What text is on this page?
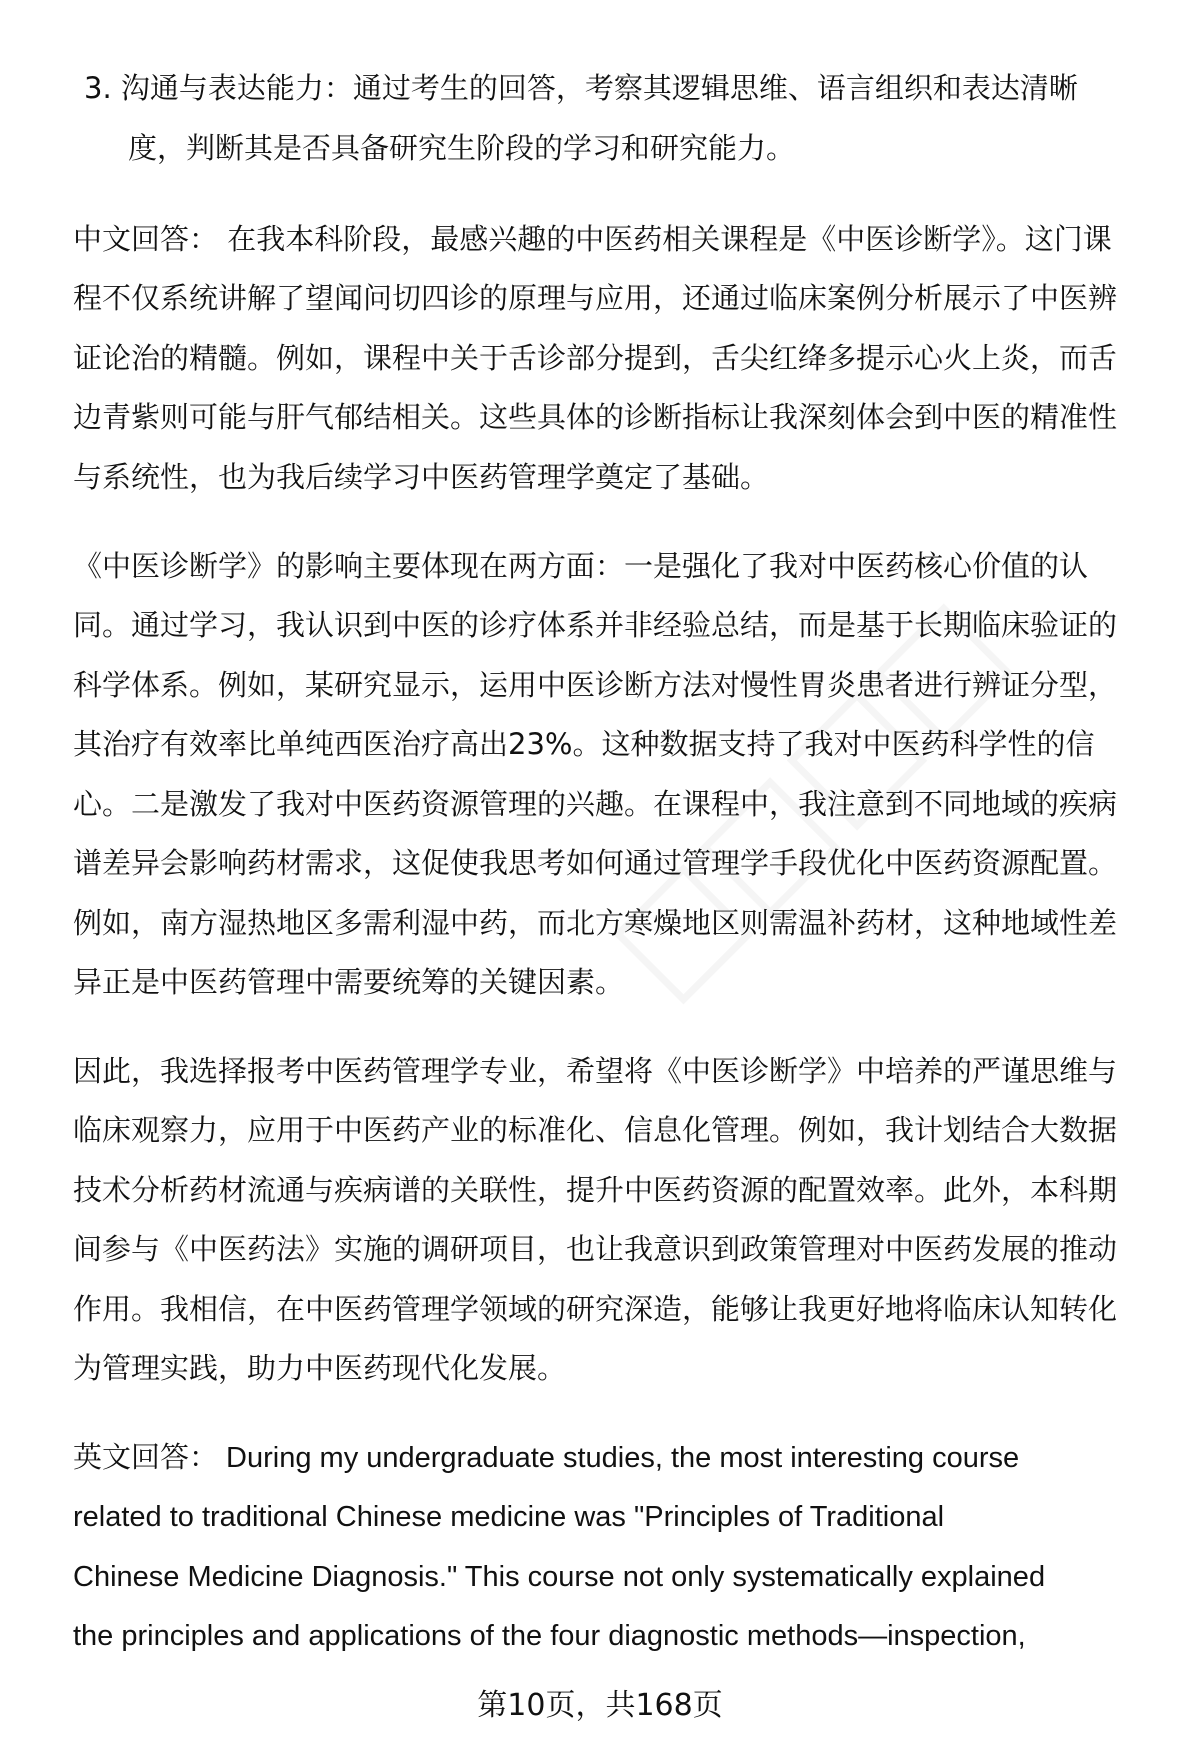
3. 沟通与表达能力：通过考生的回答，考察其逻辑思维、语言组织和表达清晰
度，判断其是否具备研究生阶段的学习和研究能力。
中文回答： 在我本科阶段，最感兴趣的中医药相关课程是《中医诊断学》。这门课
程不仅系统讲解了望闻问切四诊的原理与应用，还通过临床案例分析展示了中医辨
证论治的精髓。例如，课程中关于舌诊部分提到，舌尖红绛多提示心火上炎，而舌
边青紫则可能与肝气郁结相关。这些具体的诊断指标让我深刻体会到中医的精准性
与系统性，也为我后续学习中医药管理学奠定了基础。
《中医诊断学》的影响主要体现在两方面：一是强化了我对中医药核心价值的认
同。通过学习，我认识到中医的诊疗体系并非经验总结，而是基于长期临床验证的
科学体系。例如，某研究显示，运用中医诊断方法对慢性胃炎患者进行辨证分型，
其治疗有效率比单纯西医治疗高出23%。这种数据支持了我对中医药科学性的信
心。二是激发了我对中医药资源管理的兴趣。在课程中，我注意到不同地域的疾病
谱差异会影响药材需求，这促使我思考如何通过管理学手段优化中医药资源配置。
例如，南方湿热地区多需利湿中药，而北方寒燥地区则需温补药材，这种地域性差
异正是中医药管理中需要统筹的关键因素。
因此，我选择报考中医药管理学专业，希望将《中医诊断学》中培养的严谨思维与
临床观察力，应用于中医药产业的标准化、信息化管理。例如，我计划结合大数据
技术分析药材流通与疾病谱的关联性，提升中医药资源的配置效率。此外，本科期
间参与《中医药法》实施的调研项目，也让我意识到政策管理对中医药发展的推动
作用。我相信，在中医药管理学领域的研究深造，能够让我更好地将临床认知转化
为管理实践，助力中医药现代化发展。
英文回答： During my undergraduate studies, the most interesting course
related to traditional Chinese medicine was "Principles of Traditional
Chinese Medicine Diagnosis." This course not only systematically explained
the principles and applications of the four diagnostic methods—inspection,
第10页，共168页
